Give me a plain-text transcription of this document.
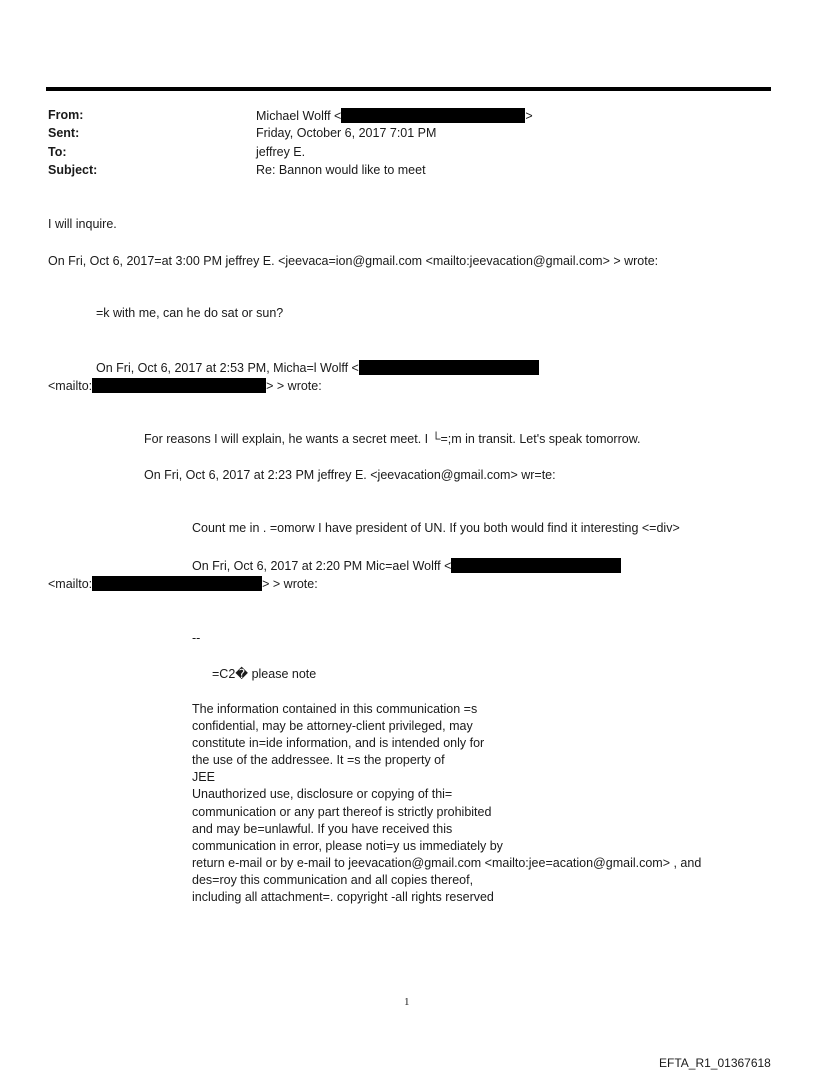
From:	Michael Wolff <	>
Sent:	Friday, October 6, 2017 7:01 PM
To:	jeffrey E.
Subject:	Re: Bannon would like to meet
I will inquire.
On Fri, Oct 6, 2017=at 3:00 PM jeffrey E. <jeevaca=ion@gmail.com <mailto:jeevacation@gmail.com> > wrote:
=k with me, can he do sat or sun?
On Fri, Oct 6, 2017 at 2:53 PM, Micha=l Wolff <
<mailto:	> > wrote:
For reasons I will explain, he wants a secret meet. I └=;m in transit. Let's speak tomorrow.
On Fri, Oct 6, 2017 at 2:23 PM jeffrey E. <jeevacation@gmail.com> wr=te:
Count me in . =omorw I have president of UN. If you both would find it interesting <=div>
On Fri, Oct 6, 2017 at 2:20 PM Mic=ael Wolff <
<mailto:	> > wrote:
--
=C2� please note
The information contained in this communication =s
confidential, may be attorney-client privileged, may
constitute in=ide information, and is intended only for
the use of the addressee. It =s the property of
JEE
Unauthorized use, disclosure or copying of thi=
communication or any part thereof is strictly prohibited
and may be=unlawful. If you have received this
communication in error, please noti=y us immediately by
return e-mail or by e-mail to jeevacation@gmail.com <mailto:jee=acation@gmail.com> , and
des=roy this communication and all copies thereof,
including all attachment=. copyright -all rights reserved
1
EFTA_R1_01367618
